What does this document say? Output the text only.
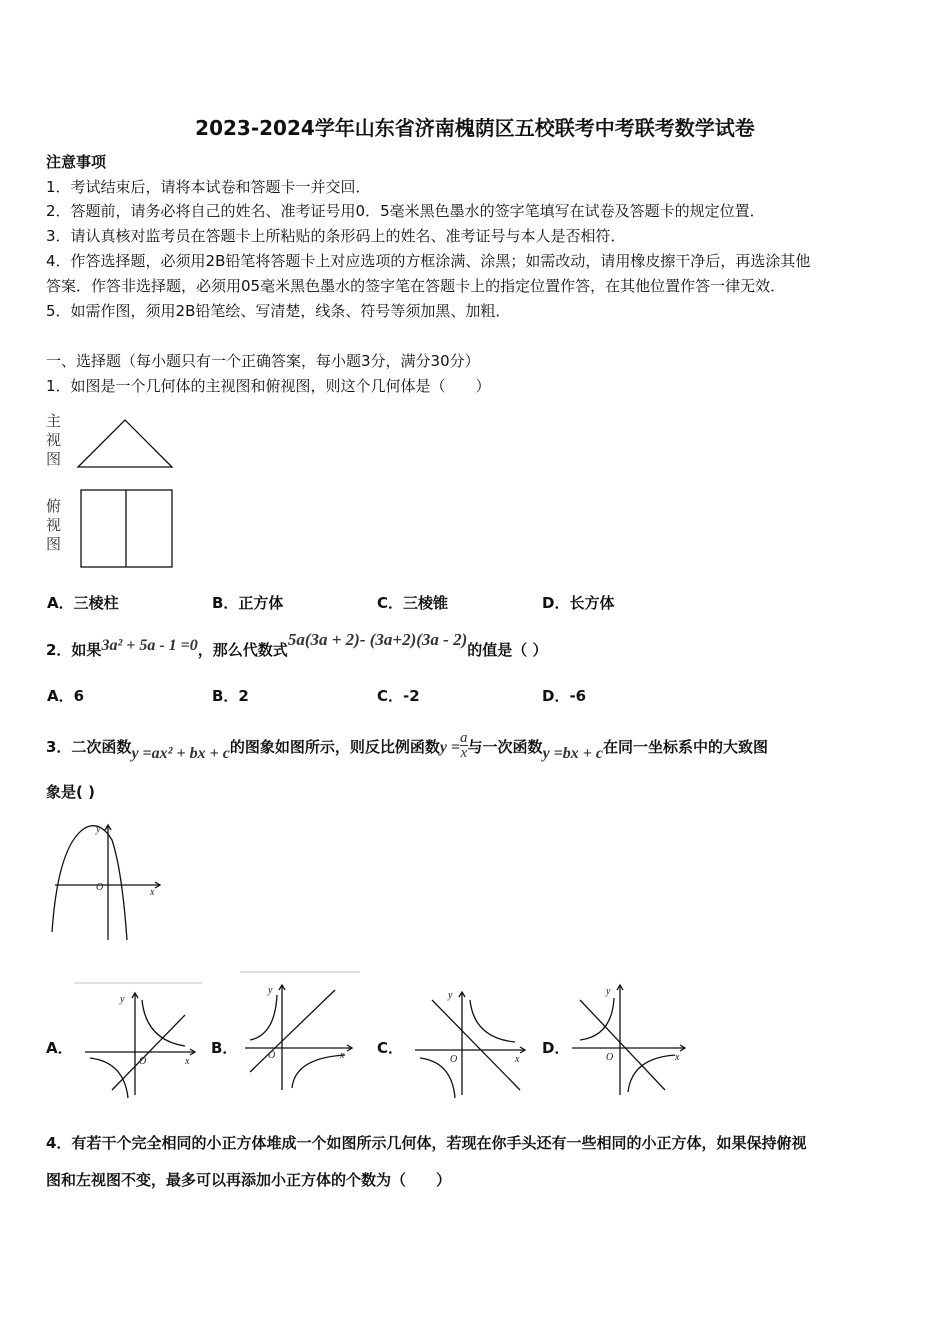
2023-2024学年山东省济南槐荫区五校联考中考联考数学试卷
注意事项
1．考试结束后，请将本试卷和答题卡一并交回．
2．答题前，请务必将自己的姓名、准考证号用0．5毫米黑色墨水的签字笔填写在试卷及答题卡的规定位置．
3．请认真核对监考员在答题卡上所粘贴的条形码上的姓名、准考证号与本人是否相符．
4．作答选择题，必须用2B铅笔将答题卡上对应选项的方框涂满、涂黑；如需改动，请用橡皮擦干净后，再选涂其他
答案．作答非选择题，必须用05毫米黑色墨水的签字笔在答题卡上的指定位置作答，在其他位置作答一律无效．
5．如需作图，须用2B铅笔绘、写清楚，线条、符号等须加黑、加粗．
一、选择题（每小题只有一个正确答案，每小题3分，满分30分）
1．如图是一个几何体的主视图和俯视图，则这个几何体是（　　）
主视图
俯视图
A．三棱柱	B．正方体	C．三棱锥	D．长方体
2．如果3a² + 5a - 1 =0，那么代数式5a(3a + 2)- (3a+2)(3a - 2)的值是（ ）
A．6	B．2	C．-2	D．-6
3．二次函数y =ax² + bx + c的图象如图所示，则反比例函数$y = \frac{a}{x}$ 与一次函数y =bx + c在同一坐标系中的大致图
象是( )
x
y
O
A．	B．	C．	D．
x
y
O
x
y
O	x
y
O	x
y
O
4．有若干个完全相同的小正方体堆成一个如图所示几何体，若现在你手头还有一些相同的小正方体，如果保持俯视
图和左视图不变，最多可以再添加小正方体的个数为（　　）
